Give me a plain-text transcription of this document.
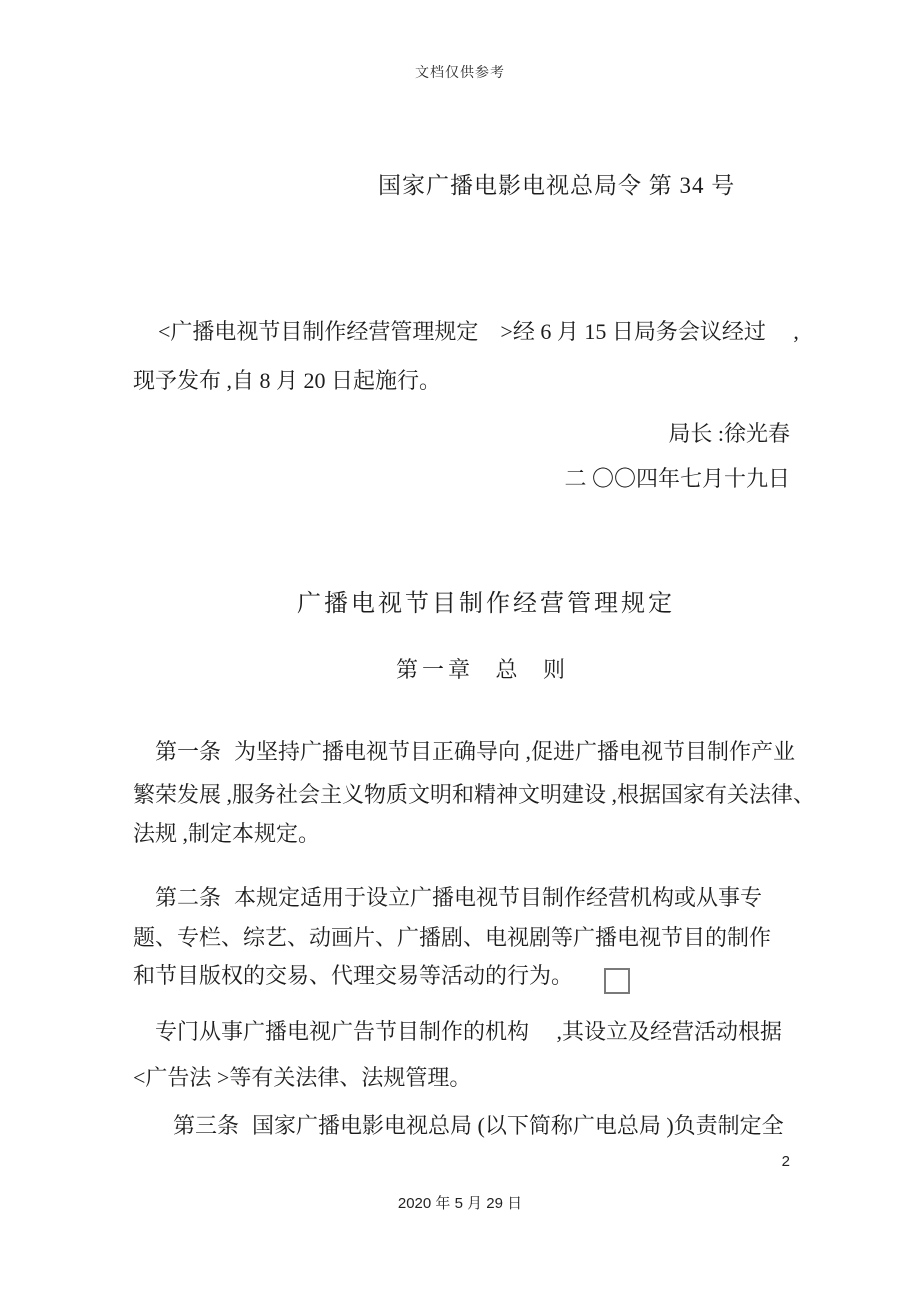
文档仅供参考
国家广播电影电视总局令 第 34 号
<广播电视节目制作经营管理规定　>经 6 月 15 日局务会议经过　 ,
现予发布 ,自 8 月 20 日起施行。
局长 :徐光春
二 〇〇四年七月十九日
广播电视节目制作经营管理规定
第一章 总 则
第一条 为坚持广播电视节目正确导向 ,促进广播电视节目制作产业
繁荣发展 ,服务社会主义物质文明和精神文明建设 ,根据国家有关法律、
法规 ,制定本规定。
第二条 本规定适用于设立广播电视节目制作经营机构或从事专
题、专栏、综艺、动画片、广播剧、电视剧等广播电视节目的制作
和节目版权的交易、代理交易等活动的行为。
专门从事广播电视广告节目制作的机构　 ,其设立及经营活动根据
<广告法 >等有关法律、法规管理。
第三条 国家广播电影电视总局 (以下简称广电总局 )负责制定全
2
2020 年 5 月 29 日
